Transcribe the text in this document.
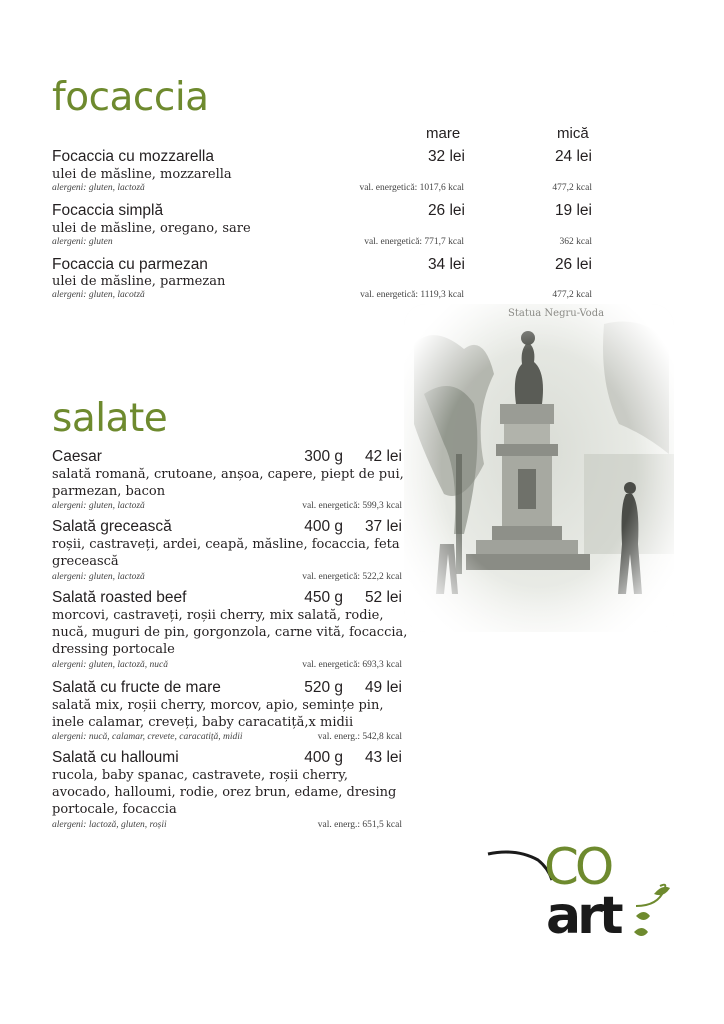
focaccia
mare	mică
Focaccia cu mozzarella	32 lei	24 lei
ulei de măsline, mozzarella
alergeni: gluten, lactoză	val. energetică: 1017,6 kcal	477,2 kcal
Focaccia simplă	26 lei	19 lei
ulei de măsline, oregano, sare
alergeni: gluten	val. energetică: 771,7 kcal	362 kcal
Focaccia cu parmezan	34 lei	26 lei
ulei de măsline, parmezan
alergeni: gluten, lacotză	val. energetică: 1119,3 kcal	477,2 kcal
Statua Negru-Voda
salate
Caesar	300 g 42 lei
salată romană, crutoane, anșoa, capere, piept de pui, parmezan, bacon
alergeni: gluten, lactoză	val. energetică: 599,3 kcal
Salată grecească	400 g 37 lei
roșii, castraveți, ardei, ceapă, măsline, focaccia, feta grecească
alergeni: gluten, lactoză	val. energetică: 522,2 kcal
Salată roasted beef	450 g 52 lei
morcovi, castraveți, roșii cherry, mix salată, rodie, nucă, muguri de pin, gorgonzola, carne vită, focaccia, dressing portocale
alergeni: gluten, lactoză, nucă	val. energetică: 693,3 kcal
Salată cu fructe de mare	520 g 49 lei
salată mix, roșii cherry, morcov, apio, semințe pin, inele calamar, creveți, baby caracatiță,x midii
alergeni: nucă, calamar, crevete, caracatiță, midii	val. energ.: 542,8 kcal
Salată cu halloumi	400 g 43 lei
rucola, baby spanac, castravete, roșii cherry, avocado, halloumi, rodie, orez brun, edame, dresing portocale, focaccia
alergeni: lactoză, gluten, roșii	val. energ.: 651,5 kcal
CO
art
